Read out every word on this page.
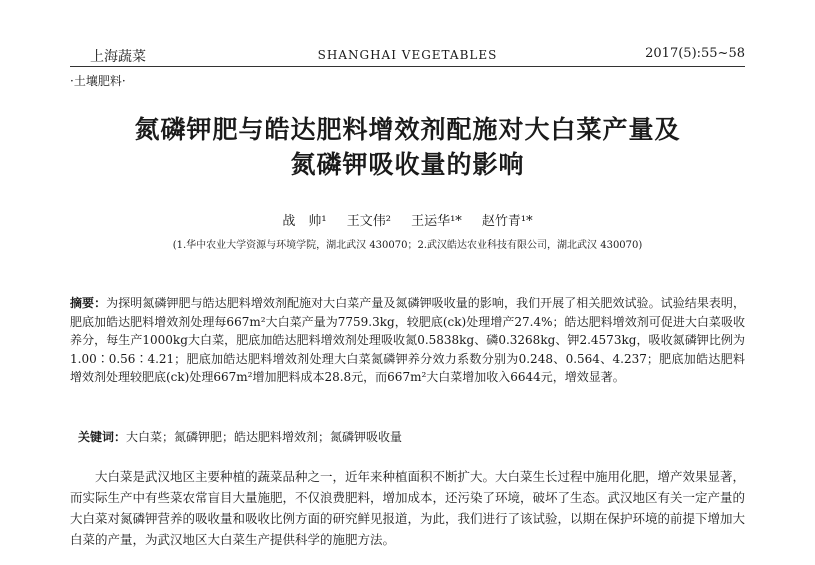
上海蔬菜	SHANGHAI VEGETABLES	2017(5):55~58
·土壤肥料·
氮磷钾肥与皓达肥料增效剂配施对大白菜产量及
氮磷钾吸收量的影响
战　帅¹ 王文伟² 王运华¹* 赵竹青¹*
(1.华中农业大学资源与环境学院，湖北武汉 430070；2.武汉皓达农业科技有限公司，湖北武汉 430070)
摘要：为探明氮磷钾肥与皓达肥料增效剂配施对大白菜产量及氮磷钾吸收量的影响，我们开展了相关肥效试验。试验结果表明，肥底加皓达肥料增效剂处理每667m²大白菜产量为7759.3kg，较肥底(ck)处理增产27.4%；皓达肥料增效剂可促进大白菜吸收养分，每生产1000kg大白菜，肥底加皓达肥料增效剂处理吸收氮0.5838kg、磷0.3268kg、钾2.4573kg，吸收氮磷钾比例为1.00∶0.56∶4.21；肥底加皓达肥料增效剂处理大白菜氮磷钾养分效力系数分别为0.248、0.564、4.237；肥底加皓达肥料增效剂处理较肥底(ck)处理667m²增加肥料成本28.8元，而667m²大白菜增加收入6644元，增效显著。
关键词：大白菜；氮磷钾肥；皓达肥料增效剂；氮磷钾吸收量
大白菜是武汉地区主要种植的蔬菜品种之一，近年来种植面积不断扩大。大白菜生长过程中施用化肥，增产效果显著，而实际生产中有些菜农常盲目大量施肥，不仅浪费肥料，增加成本，还污染了环境，破坏了生态。武汉地区有关一定产量的大白菜对氮磷钾营养的吸收量和吸收比例方面的研究鲜见报道，为此，我们进行了该试验，以期在保护环境的前提下增加大白菜的产量，为武汉地区大白菜生产提供科学的施肥方法。
